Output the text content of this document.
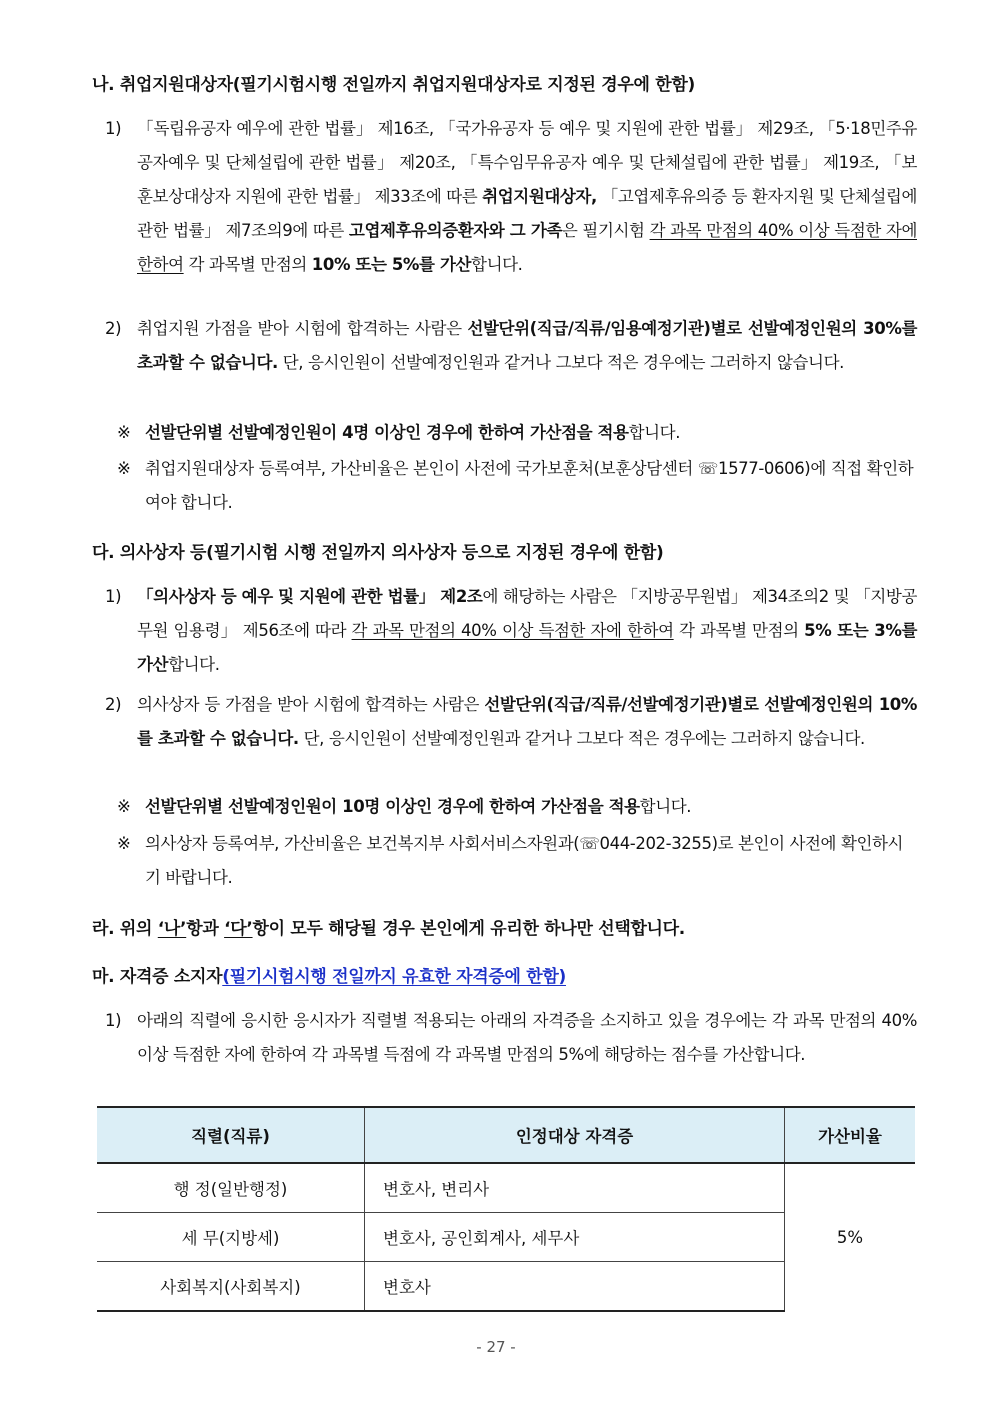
나. 취업지원대상자(필기시험시행 전일까지 취업지원대상자로 지정된 경우에 한함)
1) 「독립유공자 예우에 관한 법률」 제16조, 「국가유공자 등 예우 및 지원에 관한 법률」 제29조, 「5·18민주유공자예우 및 단체설립에 관한 법률」 제20조, 「특수임무유공자 예우 및 단체설립에 관한 법률」 제19조, 「보훈보상대상자 지원에 관한 법률」 제33조에 따른 취업지원대상자, 「고엽제후유의증 등 환자지원 및 단체설립에 관한 법률」 제7조의9에 따른 고엽제후유의증환자와 그 가족은 필기시험 각 과목 만점의 40% 이상 득점한 자에 한하여 각 과목별 만점의 10% 또는 5%를 가산합니다.
2) 취업지원 가점을 받아 시험에 합격하는 사람은 선발단위(직급/직류/임용예정기관)별로 선발예정인원의 30%를 초과할 수 없습니다. 단, 응시인원이 선발예정인원과 같거나 그보다 적은 경우에는 그러하지 않습니다.
※ 선발단위별 선발예정인원이 4명 이상인 경우에 한하여 가산점을 적용합니다.
※ 취업지원대상자 등록여부, 가산비율은 본인이 사전에 국가보훈처(보훈상담센터 ☏1577-0606)에 직접 확인하여야 합니다.
다. 의사상자 등(필기시험 시행 전일까지 의사상자 등으로 지정된 경우에 한함)
1) 「의사상자 등 예우 및 지원에 관한 법률」 제2조에 해당하는 사람은 「지방공무원법」 제34조의2 및 「지방공무원 임용령」 제56조에 따라 각 과목 만점의 40% 이상 득점한 자에 한하여 각 과목별 만점의 5% 또는 3%를 가산합니다.
2) 의사상자 등 가점을 받아 시험에 합격하는 사람은 선발단위(직급/직류/선발예정기관)별로 선발예정인원의 10%를 초과할 수 없습니다. 단, 응시인원이 선발예정인원과 같거나 그보다 적은 경우에는 그러하지 않습니다.
※ 선발단위별 선발예정인원이 10명 이상인 경우에 한하여 가산점을 적용합니다.
※ 의사상자 등록여부, 가산비율은 보건복지부 사회서비스자원과(☏044-202-3255)로 본인이 사전에 확인하시기 바랍니다.
라. 위의 ‘나’항과 ‘다’항이 모두 해당될 경우 본인에게 유리한 하나만 선택합니다.
마. 자격증 소지자(필기시험시행 전일까지 유효한 자격증에 한함)
1) 아래의 직렬에 응시한 응시자가 직렬별 적용되는 아래의 자격증을 소지하고 있을 경우에는 각 과목 만점의 40% 이상 득점한 자에 한하여 각 과목별 득점에 각 과목별 만점의 5%에 해당하는 점수를 가산합니다.
직렬(직류)	인정대상 자격증	가산비율
행 정(일반행정)	변호사, 변리사	5%
세 무(지방세)	변호사, 공인회계사, 세무사	
사회복지(사회복지)	변호사	
- 27 -
